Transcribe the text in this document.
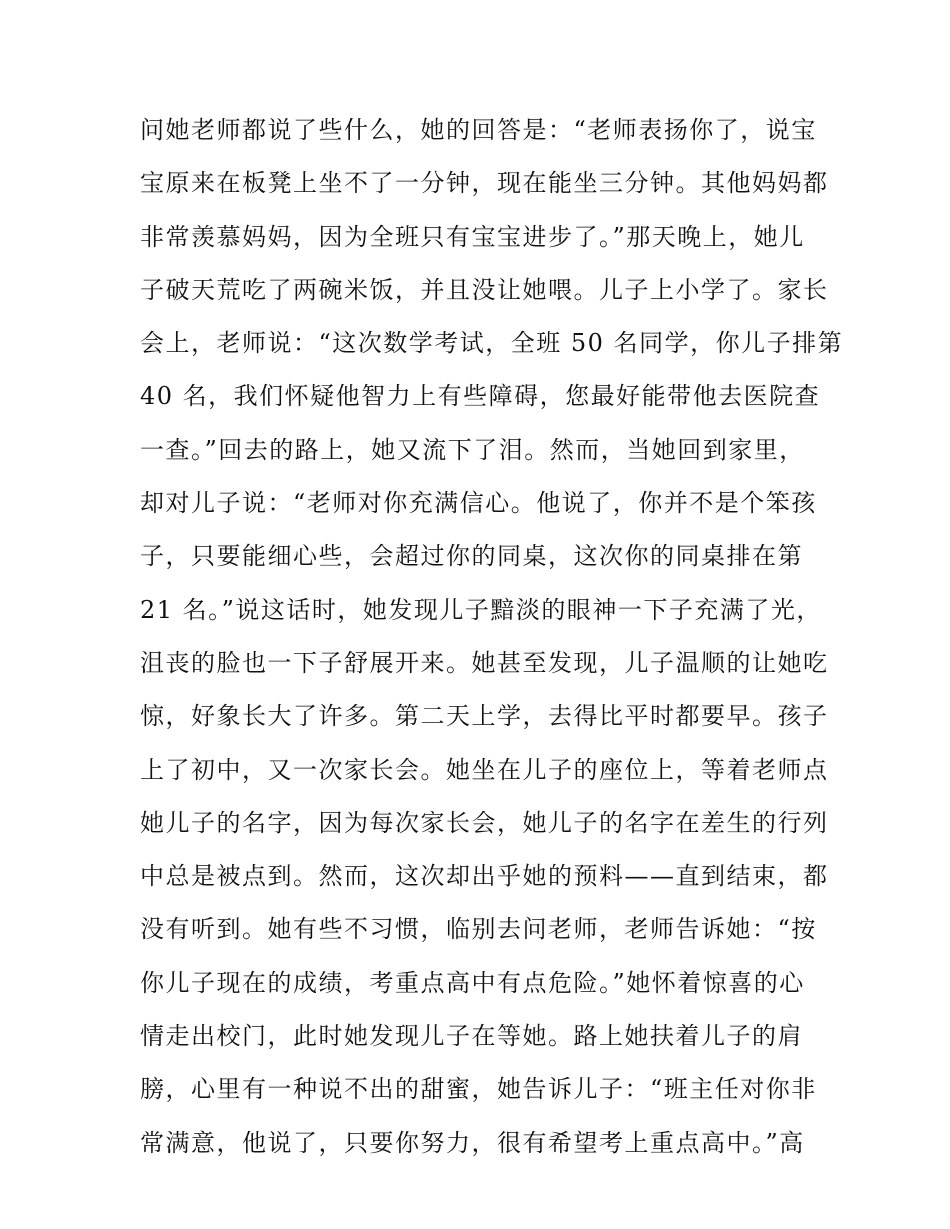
问她老师都说了些什么，她的回答是：“老师表扬你了，说宝
宝原来在板凳上坐不了一分钟，现在能坐三分钟。其他妈妈都
非常羡慕妈妈，因为全班只有宝宝进步了。”那天晚上，她儿
子破天荒吃了两碗米饭，并且没让她喂。儿子上小学了。家长
会上，老师说：“这次数学考试，全班 50 名同学，你儿子排第
40 名，我们怀疑他智力上有些障碍，您最好能带他去医院查
一查。”回去的路上，她又流下了泪。然而，当她回到家里，
却对儿子说：“老师对你充满信心。他说了，你并不是个笨孩
子，只要能细心些，会超过你的同桌，这次你的同桌排在第
21 名。”说这话时，她发现儿子黯淡的眼神一下子充满了光，
沮丧的脸也一下子舒展开来。她甚至发现，儿子温顺的让她吃
惊，好象长大了许多。第二天上学，去得比平时都要早。孩子
上了初中，又一次家长会。她坐在儿子的座位上，等着老师点
她儿子的名字，因为每次家长会，她儿子的名字在差生的行列
中总是被点到。然而，这次却出乎她的预料——直到结束，都
没有听到。她有些不习惯，临别去问老师，老师告诉她：“按
你儿子现在的成绩，考重点高中有点危险。”她怀着惊喜的心
情走出校门，此时她发现儿子在等她。路上她扶着儿子的肩
膀，心里有一种说不出的甜蜜，她告诉儿子：“班主任对你非
常满意，他说了，只要你努力，很有希望考上重点高中。”高
